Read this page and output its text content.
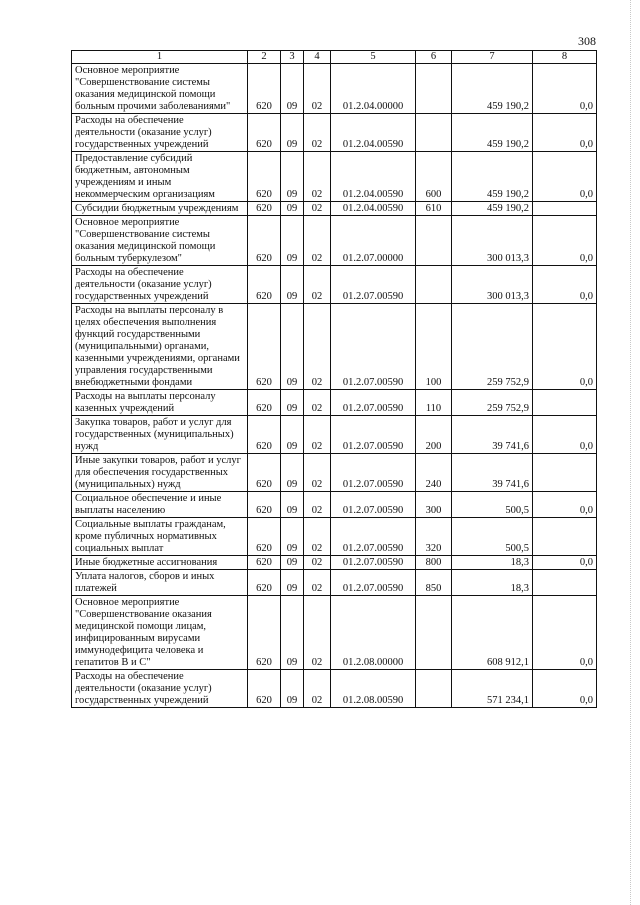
308
1	2	3	4	5	6	7	8
Основное мероприятие "Совершенствование системы оказания медицинской помощи больным прочими заболеваниями"	620	09	02	01.2.04.00000		459 190,2	0,0
Расходы на обеспечение деятельности (оказание услуг) государственных учреждений	620	09	02	01.2.04.00590		459 190,2	0,0
Предоставление субсидий бюджетным, автономным учреждениям и иным некоммерческим организациям	620	09	02	01.2.04.00590	600	459 190,2	0,0
Субсидии бюджетным учреждениям	620	09	02	01.2.04.00590	610	459 190,2	
Основное мероприятие "Совершенствование системы оказания медицинской помощи больным туберкулезом"	620	09	02	01.2.07.00000		300 013,3	0,0
Расходы на обеспечение деятельности (оказание услуг) государственных учреждений	620	09	02	01.2.07.00590		300 013,3	0,0
Расходы на выплаты персоналу в целях обеспечения выполнения функций государственными (муниципальными) органами, казенными учреждениями, органами управления государственными внебюджетными фондами	620	09	02	01.2.07.00590	100	259 752,9	0,0
Расходы на выплаты персоналу казенных учреждений	620	09	02	01.2.07.00590	110	259 752,9	
Закупка товаров, работ и услуг для государственных (муниципальных) нужд	620	09	02	01.2.07.00590	200	39 741,6	0,0
Иные закупки товаров, работ и услуг для обеспечения государственных (муниципальных) нужд	620	09	02	01.2.07.00590	240	39 741,6	
Социальное обеспечение и иные выплаты населению	620	09	02	01.2.07.00590	300	500,5	0,0
Социальные выплаты гражданам, кроме публичных нормативных социальных выплат	620	09	02	01.2.07.00590	320	500,5	
Иные бюджетные ассигнования	620	09	02	01.2.07.00590	800	18,3	0,0
Уплата налогов, сборов и иных платежей	620	09	02	01.2.07.00590	850	18,3	
Основное мероприятие "Совершенствование оказания медицинской помощи лицам, инфицированным вирусами иммунодефицита человека и гепатитов В и С"	620	09	02	01.2.08.00000		608 912,1	0,0
Расходы на обеспечение деятельности (оказание услуг) государственных учреждений	620	09	02	01.2.08.00590		571 234,1	0,0
